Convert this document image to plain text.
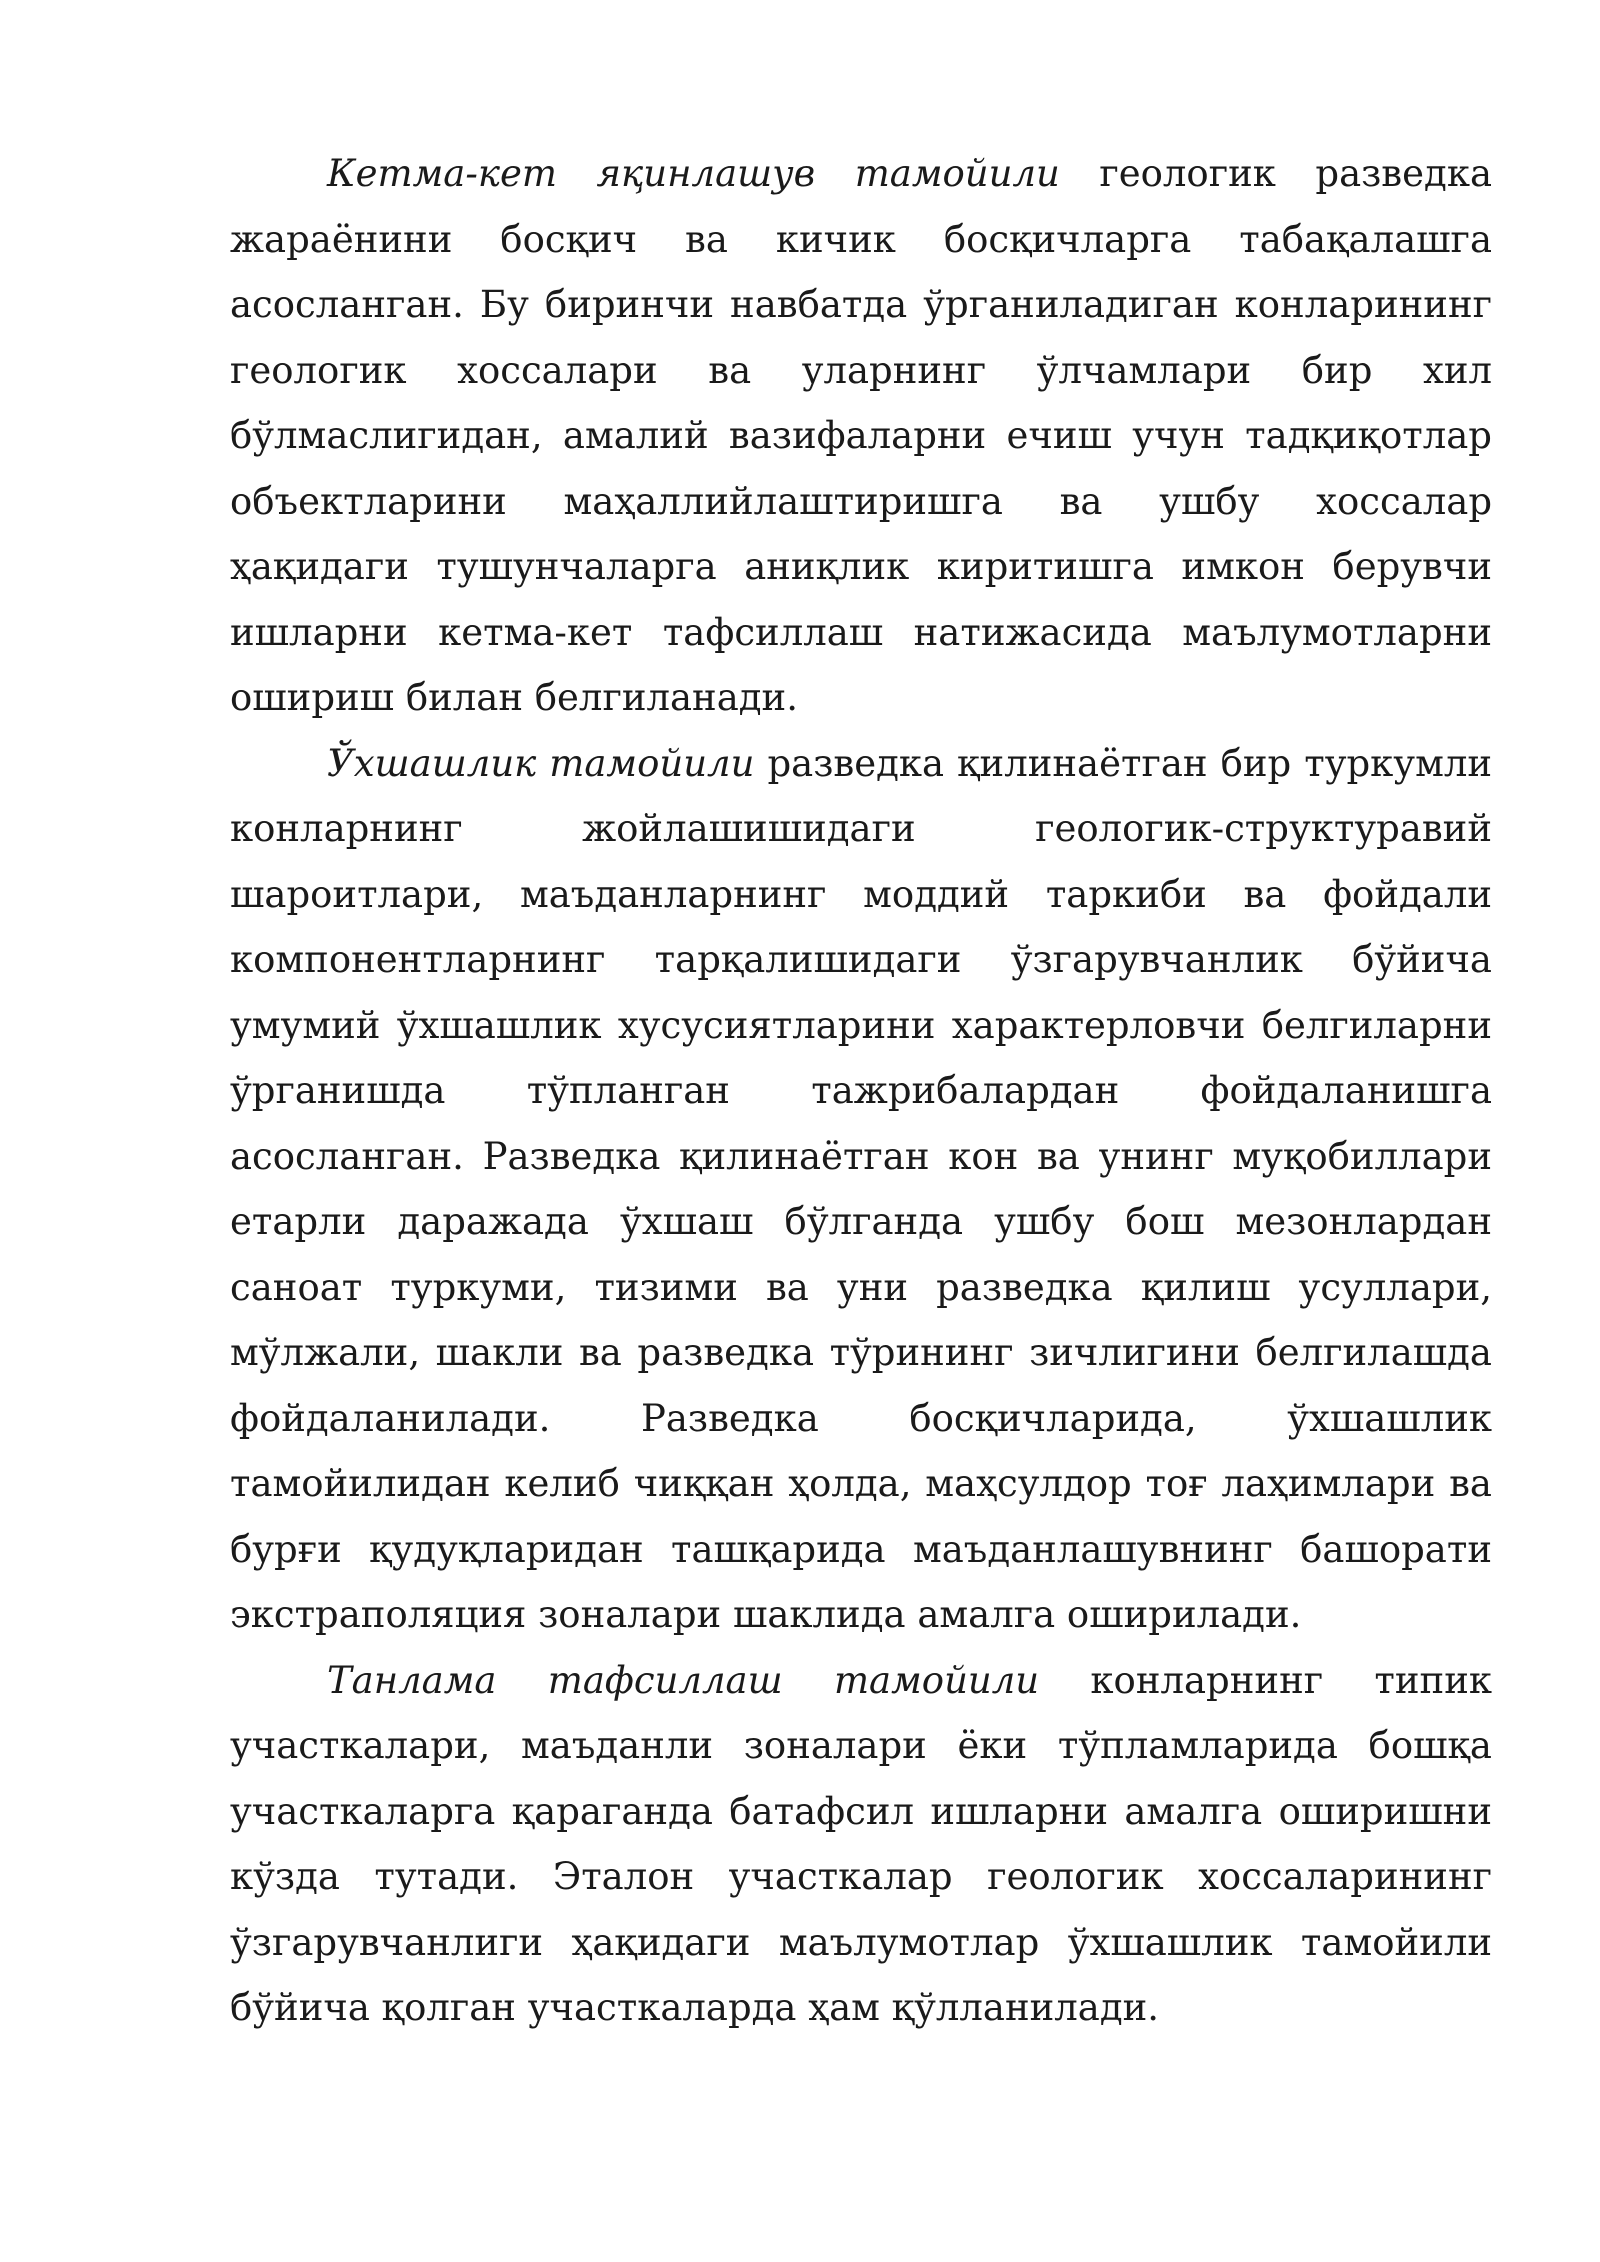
Кетма-кет яқинлашув тамойили геологик разведка жараёнини босқич ва кичик босқичларга табақалашга асосланган. Бу биринчи навбатда ўрганиладиган конларининг геологик хоссалари ва уларнинг ўлчамлари бир хил бўлмаслигидан, амалий вазифаларни ечиш учун тадқиқотлар объектларини маҳаллийлаштиришга ва ушбу хоссалар ҳақидаги тушунчаларга аниқлик киритишга имкон берувчи ишларни кетма-кет тафсиллаш натижасида маълумотларни ошириш билан белгиланади.

Ўхшашлик тамойили разведка қилинаётган бир туркумли конларнинг жойлашишидаги геологик-структуравий шароитлари, маъданларнинг моддий таркиби ва фойдали компонентларнинг тарқалишидаги ўзгарувчанлик бўйича умумий ўхшашлик хусусиятларини характерловчи белгиларни ўрганишда тўпланган тажрибалардан фойдаланишга асосланган. Разведка қилинаётган кон ва унинг муқобиллари етарли даражада ўхшаш бўлганда ушбу бош мезонлардан саноат туркуми, тизими ва уни разведка қилиш усуллари, мўлжали, шакли ва разведка тўрининг зичлигини белгилашда фойдаланилади. Разведка босқичларида, ўхшашлик тамойилидан келиб чиққан ҳолда, маҳсулдор тоғ лаҳимлари ва бурғи қудуқларидан ташқарида маъданлашувнинг башорати экстраполяция зоналари шаклида амалга оширилади.

Танлама тафсиллаш тамойили конларнинг типик участкалари, маъданли зоналари ёки тўпламларида бошқа участкаларга қараганда батафсил ишларни амалга оширишни кўзда тутади. Эталон участкалар геологик хоссаларининг ўзгарувчанлиги ҳақидаги маълумотлар ўхшашлик тамойили бўйича қолган участкаларда ҳам қўлланилади.
